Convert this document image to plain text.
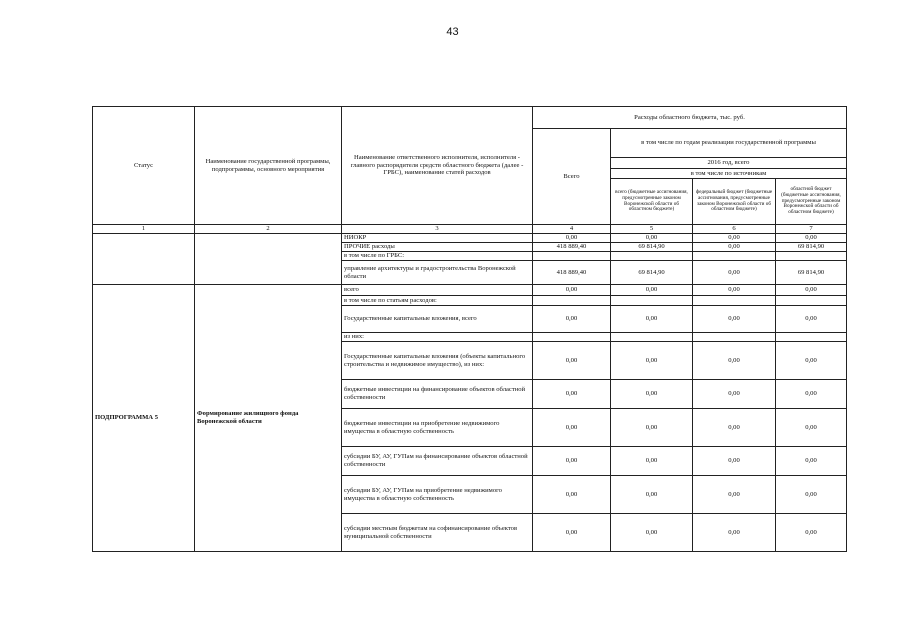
43
Статус	Наименование государственной программы, подпрограммы, основного мероприятия	Наименование ответственного исполнителя, исполнителя - главного распорядителя средств областного бюджета (далее - ГРБС), наименование статей расходов	Расходы областного бюджета, тыс. руб.			
			Всего	в том числе по годам реализации государственной программы		
				2016 год, всего		
				в том числе по источникам		
				всего (бюджетные ассигнования, предусмотренные законом Воронежской области об областном бюджете)	федеральный бюджет (бюджетные ассигнования, предусмотренные законом Воронежской области об областном бюджете)	областной бюджет (бюджетные ассигнования, предусмотренные законом Воронежской области об областном бюджете)
1	2	3	4	5	6	7
		НИОКР	0,00	0,00	0,00	0,00
		ПРОЧИЕ расходы	418 889,40	69 814,90	0,00	69 814,90
		в том числе по ГРБС:				
		управление архитектуры и градостроительства Воронежской области	418 889,40	69 814,90	0,00	69 814,90
ПОДПРОГРАММА 5	Формирование жилищного фонда Воронежской области	всего	0,00	0,00	0,00	0,00
		в том числе по статьям расходов:				
		Государственные капитальные вложения, всего	0,00	0,00	0,00	0,00
		из них:				
		Государственные капитальные вложения (объекты капитального строительства и недвижимое имущество), из них:	0,00	0,00	0,00	0,00
		бюджетные инвестиции на финансирование объектов областной собственности	0,00	0,00	0,00	0,00
		бюджетные инвестиции на приобретение недвижимого имущества в областную собственность	0,00	0,00	0,00	0,00
		субсидии БУ, АУ, ГУПам на финансирование объектов областной собственности	0,00	0,00	0,00	0,00
		субсидии БУ, АУ, ГУПам на приобретение недвижимого имущества в областную собственность	0,00	0,00	0,00	0,00
		субсидии местным бюджетам на софинансирование объектов муниципальной собственности	0,00	0,00	0,00	0,00
